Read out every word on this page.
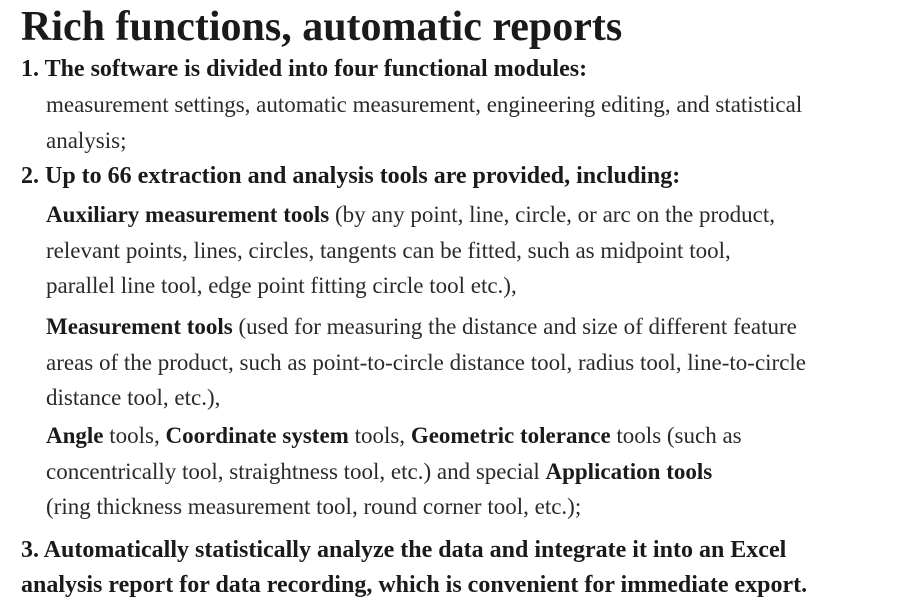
Rich functions, automatic reports

1. The software is divided into four functional modules:

measurement settings, automatic measurement, engineering editing, and statistical
analysis;

2. Up to 66 extraction and analysis tools are provided, including:

Auxiliary measurement tools (by any point, line, circle, or arc on the product,
relevant points, lines, circles, tangents can be fitted, such as midpoint tool,
parallel line tool, edge point fitting circle tool etc.),

Measurement tools (used for measuring the distance and size of different feature
areas of the product, such as point-to-circle distance tool, radius tool, line-to-circle
distance tool, etc.),

Angle tools, Coordinate system tools, Geometric tolerance tools (such as
concentrically tool, straightness tool, etc.) and special Application tools
(ring thickness measurement tool, round corner tool, etc.);

3. Automatically statistically analyze the data and integrate it into an Excel
analysis report for data recording, which is convenient for immediate export.
